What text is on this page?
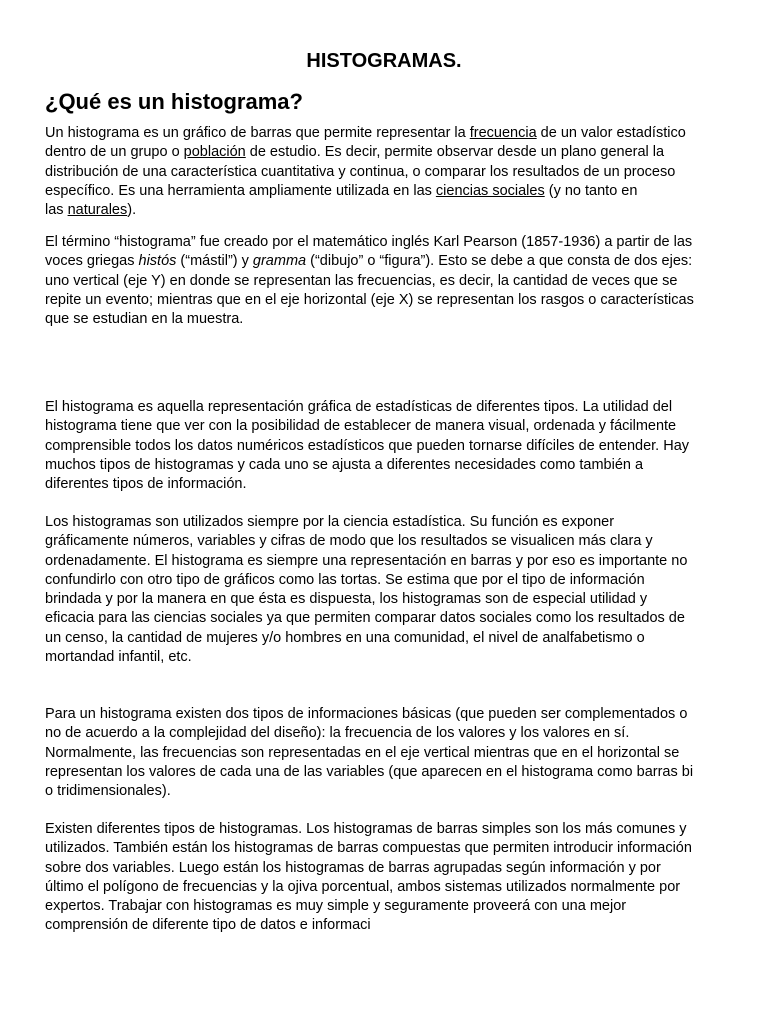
HISTOGRAMAS.
¿Qué es un histograma?

Un histograma es un gráfico de barras que permite representar la frecuencia de un valor estadístico
dentro de un grupo o población de estudio. Es decir, permite observar desde un plano general la
distribución de una característica cuantitativa y continua, o comparar los resultados de un proceso
específico. Es una herramienta ampliamente utilizada en las ciencias sociales (y no tanto en
las naturales).

El término “histograma” fue creado por el matemático inglés Karl Pearson (1857-1936) a partir de las
voces griegas histós (“mástil”) y gramma (“dibujo” o “figura”). Esto se debe a que consta de dos ejes:
uno vertical (eje Y) en donde se representan las frecuencias, es decir, la cantidad de veces que se
repite un evento; mientras que en el eje horizontal (eje X) se representan los rasgos o características
que se estudian en la muestra.

El histograma es aquella representación gráfica de estadísticas de diferentes tipos. La utilidad del
histograma tiene que ver con la posibilidad de establecer de manera visual, ordenada y fácilmente
comprensible todos los datos numéricos estadísticos que pueden tornarse difíciles de entender. Hay
muchos tipos de histogramas y cada uno se ajusta a diferentes necesidades como también a
diferentes tipos de información.

Los histogramas son utilizados siempre por la ciencia estadística. Su función es exponer
gráficamente números, variables y cifras de modo que los resultados se visualicen más clara y
ordenadamente. El histograma es siempre una representación en barras y por eso es importante no
confundirlo con otro tipo de gráficos como las tortas. Se estima que por el tipo de información
brindada y por la manera en que ésta es dispuesta, los histogramas son de especial utilidad y
eficacia para las ciencias sociales ya que permiten comparar datos sociales como los resultados de
un censo, la cantidad de mujeres y/o hombres en una comunidad, el nivel de analfabetismo o
mortandad infantil, etc.

Para un histograma existen dos tipos de informaciones básicas (que pueden ser complementados o
no de acuerdo a la complejidad del diseño): la frecuencia de los valores y los valores en sí.
Normalmente, las frecuencias son representadas en el eje vertical mientras que en el horizontal se
representan los valores de cada una de las variables (que aparecen en el histograma como barras bi
o tridimensionales).

Existen diferentes tipos de histogramas. Los histogramas de barras simples son los más comunes y
utilizados. También están los histogramas de barras compuestas que permiten introducir información
sobre dos variables. Luego están los histogramas de barras agrupadas según información y por
último el polígono de frecuencias y la ojiva porcentual, ambos sistemas utilizados normalmente por
expertos. Trabajar con histogramas es muy simple y seguramente proveerá con una mejor
comprensión de diferente tipo de datos e informaci
